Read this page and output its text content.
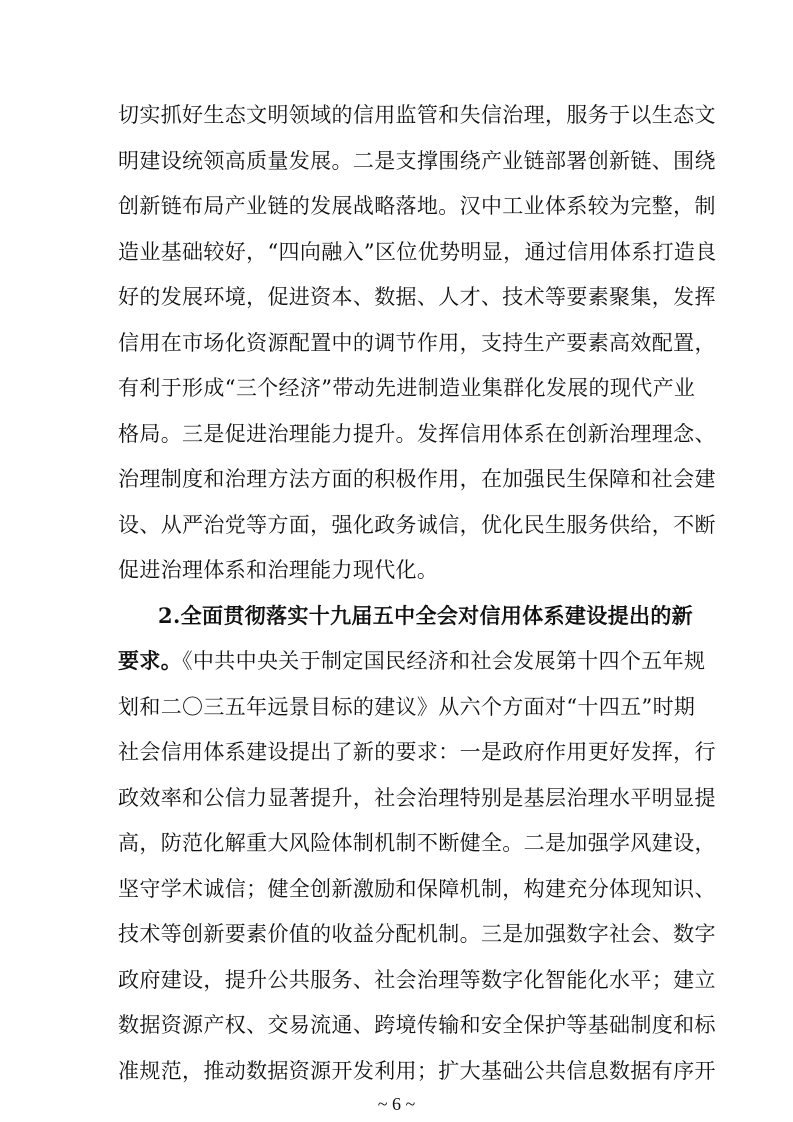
切实抓好生态文明领域的信用监管和失信治理，服务于以生态文
明建设统领高质量发展。二是支撑围绕产业链部署创新链、围绕
创新链布局产业链的发展战略落地。汉中工业体系较为完整，制
造业基础较好，“四向融入”区位优势明显，通过信用体系打造良
好的发展环境，促进资本、数据、人才、技术等要素聚集，发挥
信用在市场化资源配置中的调节作用，支持生产要素高效配置，
有利于形成“三个经济”带动先进制造业集群化发展的现代产业
格局。三是促进治理能力提升。发挥信用体系在创新治理理念、
治理制度和治理方法方面的积极作用，在加强民生保障和社会建
设、从严治党等方面，强化政务诚信，优化民生服务供给，不断
促进治理体系和治理能力现代化。
2.全面贯彻落实十九届五中全会对信用体系建设提出的新
要求。《中共中央关于制定国民经济和社会发展第十四个五年规
划和二〇三五年远景目标的建议》从六个方面对“十四五”时期
社会信用体系建设提出了新的要求：一是政府作用更好发挥，行
政效率和公信力显著提升，社会治理特别是基层治理水平明显提
高，防范化解重大风险体制机制不断健全。二是加强学风建设，
坚守学术诚信；健全创新激励和保障机制，构建充分体现知识、
技术等创新要素价值的收益分配机制。三是加强数字社会、数字
政府建设，提升公共服务、社会治理等数字化智能化水平；建立
数据资源产权、交易流通、跨境传输和安全保护等基础制度和标
准规范，推动数据资源开发利用；扩大基础公共信息数据有序开
~ 6 ~
